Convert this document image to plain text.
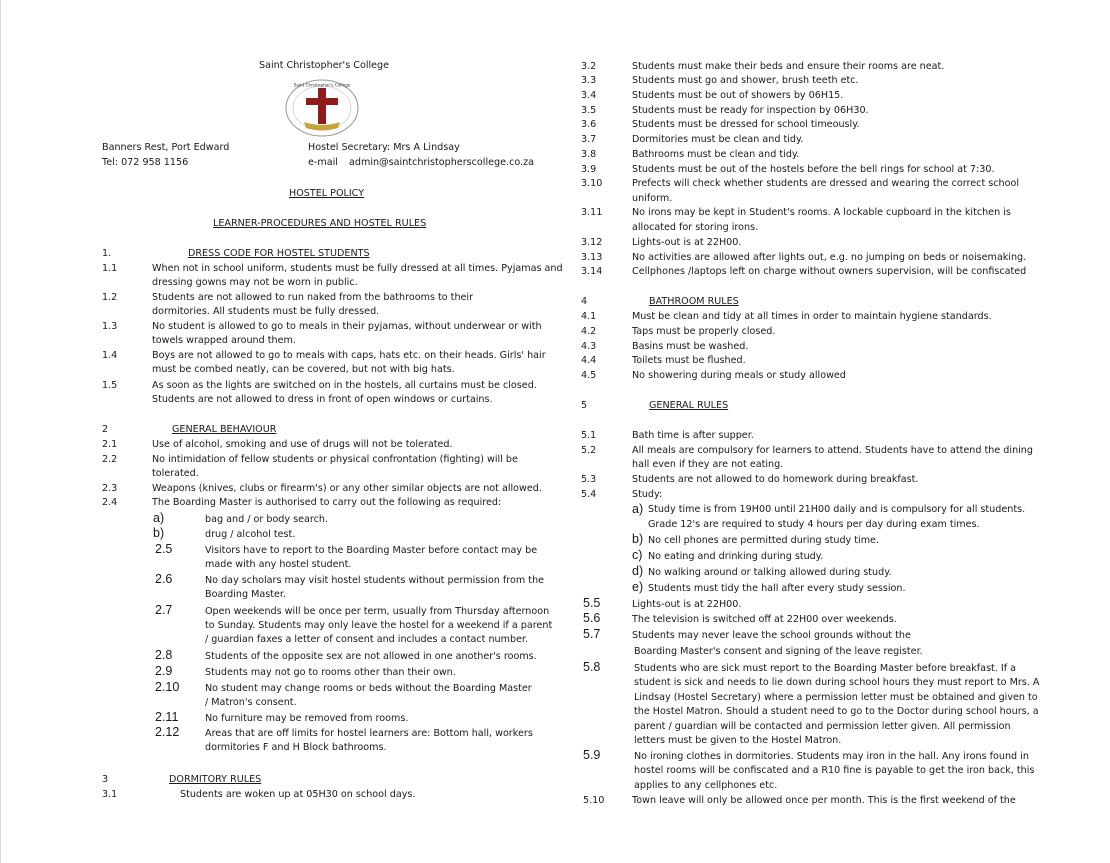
Saint Christopher's College
Saint Christopher's College
Banners Rest, Port Edward
Tel: 072 958 1156
Hostel Secretary: Mrs A Lindsay
e-mail admin@saintchristopherscollege.co.za
HOSTEL POLICY
LEARNER-PROCEDURES AND HOSTEL RULES
1.	DRESS CODE FOR HOSTEL STUDENTS
1.1	When not in school uniform, students must be fully dressed at all times. Pyjamas and
dressing gowns may not be worn in public.
1.2	Students are not allowed to run naked from the bathrooms to their
dormitories. All students must be fully dressed.
1.3	No student is allowed to go to meals in their pyjamas, without underwear or with
towels wrapped around them.
1.4	Boys are not allowed to go to meals with caps, hats etc. on their heads. Girls' hair
must be combed neatly, can be covered, but not with big hats.
1.5	As soon as the lights are switched on in the hostels, all curtains must be closed.
Students are not allowed to dress in front of open windows or curtains.
2	GENERAL BEHAVIOUR
2.1	Use of alcohol, smoking and use of drugs will not be tolerated.
2.2	No intimidation of fellow students or physical confrontation (fighting) will be
tolerated.
2.3	Weapons (knives, clubs or firearm's) or any other similar objects are not allowed.
2.4	The Boarding Master is authorised to carry out the following as required:
a)	bag and / or body search.
b)	drug / alcohol test.
2.5	Visitors have to report to the Boarding Master before contact may be
made with any hostel student.
2.6	No day scholars may visit hostel students without permission from the
Boarding Master.
2.7	Open weekends will be once per term, usually from Thursday afternoon
to Sunday. Students may only leave the hostel for a weekend if a parent
/ guardian faxes a letter of consent and includes a contact number.
2.8	Students of the opposite sex are not allowed in one another's rooms.
2.9	Students may not go to rooms other than their own.
2.10	No student may change rooms or beds without the Boarding Master
/ Matron's consent.
2.11	No furniture may be removed from rooms.
2.12	Areas that are off limits for hostel learners are: Bottom hall, workers
dormitories F and H Block bathrooms.
3	DORMITORY RULES
3.1	Students are woken up at 05H30 on school days.
3.2	Students must make their beds and ensure their rooms are neat.
3.3	Students must go and shower, brush teeth etc.
3.4	Students must be out of showers by 06H15.
3.5	Students must be ready for inspection by 06H30.
3.6	Students must be dressed for school timeously.
3.7	Dormitories must be clean and tidy.
3.8	Bathrooms must be clean and tidy.
3.9	Students must be out of the hostels before the bell rings for school at 7:30.
3.10	Prefects will check whether students are dressed and wearing the correct school
uniform.
3.11	No irons may be kept in Student's rooms. A lockable cupboard in the kitchen is
allocated for storing irons.
3.12	Lights-out is at 22H00.
3.13	No activities are allowed after lights out, e.g. no jumping on beds or noisemaking.
3.14	Cellphones /laptops left on charge without owners supervision, will be confiscated
4	BATHROOM RULES
4.1	Must be clean and tidy at all times in order to maintain hygiene standards.
4.2	Taps must be properly closed.
4.3	Basins must be washed.
4.4	Toilets must be flushed.
4.5	No showering during meals or study allowed
5	GENERAL RULES
5.1	Bath time is after supper.
5.2	All meals are compulsory for learners to attend. Students have to attend the dining
hall even if they are not eating.
5.3	Students are not allowed to do homework during breakfast.
5.4	Study:
a) Study time is from 19H00 until 21H00 daily and is compulsory for all students.
Grade 12's are required to study 4 hours per day during exam times.
b) No cell phones are permitted during study time.
c) No eating and drinking during study.
d) No walking around or talking allowed during study.
e) Students must tidy the hall after every study session.
5.5	Lights-out is at 22H00.
5.6	The television is switched off at 22H00 over weekends.
5.7	Students may never leave the school grounds without the
Boarding Master's consent and signing of the leave register.
5.8	Students who are sick must report to the Boarding Master before breakfast. If a
student is sick and needs to lie down during school hours they must report to Mrs. A
Lindsay (Hostel Secretary) where a permission letter must be obtained and given to
the Hostel Matron. Should a student need to go to the Doctor during school hours, a
parent / guardian will be contacted and permission letter given. All permission
letters must be given to the Hostel Matron.
5.9	No ironing clothes in dormitories. Students may iron in the hall. Any irons found in
hostel rooms will be confiscated and a R10 fine is payable to get the iron back, this
applies to any cellphones etc.
5.10	Town leave will only be allowed once per month. This is the first weekend of the
